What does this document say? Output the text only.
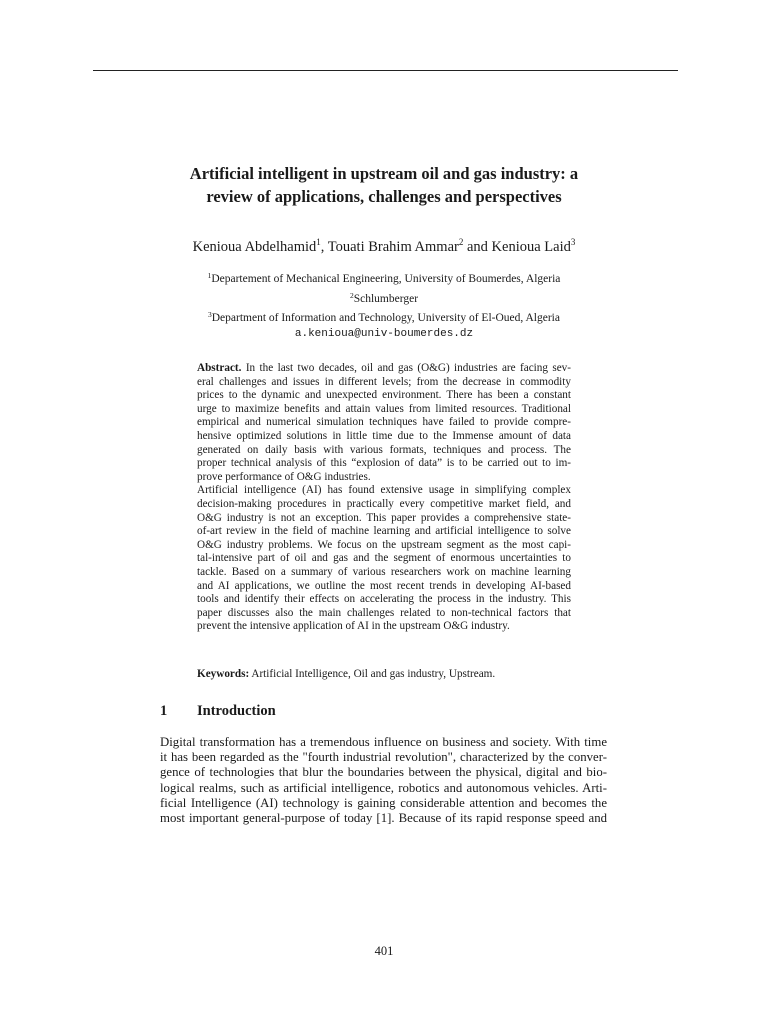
Artificial intelligent in upstream oil and gas industry: a
review of applications, challenges and perspectives
Kenioua Abdelhamid$^1$, Touati Brahim Ammar$^2$ and Kenioua Laid$^3$
$^1$Departement of Mechanical Engineering, University of Boumerdes, Algeria
$^2$Schlumberger
$^3$Department of Information and Technology, University of El-Oued, Algeria
a.kenioua@univ-boumerdes.dz
Abstract. In the last two decades, oil and gas (O&G) industries are facing sev-
eral challenges and issues in different levels; from the decrease in commodity
prices to the dynamic and unexpected environment. There has been a constant
urge to maximize benefits and attain values from limited resources. Traditional
empirical and numerical simulation techniques have failed to provide compre-
hensive optimized solutions in little time due to the Immense amount of data
generated on daily basis with various formats, techniques and process. The
proper technical analysis of this “explosion of data” is to be carried out to im-
prove performance of O&G industries.
Artificial intelligence (AI) has found extensive usage in simplifying complex
decision-making procedures in practically every competitive market field, and
O&G industry is not an exception. This paper provides a comprehensive state-
of-art review in the field of machine learning and artificial intelligence to solve
O&G industry problems. We focus on the upstream segment as the most capi-
tal-intensive part of oil and gas and the segment of enormous uncertainties to
tackle. Based on a summary of various researchers work on machine learning
and AI applications, we outline the most recent trends in developing AI-based
tools and identify their effects on accelerating the process in the industry. This
paper discusses also the main challenges related to non-technical factors that
prevent the intensive application of AI in the upstream O&G industry.
Keywords: Artificial Intelligence, Oil and gas industry, Upstream.
1 Introduction
Digital transformation has a tremendous influence on business and society. With time
it has been regarded as the "fourth industrial revolution", characterized by the conver-
gence of technologies that blur the boundaries between the physical, digital and bio-
logical realms, such as artificial intelligence, robotics and autonomous vehicles. Arti-
ficial Intelligence (AI) technology is gaining considerable attention and becomes the
most important general-purpose of today [1]. Because of its rapid response speed and
401
